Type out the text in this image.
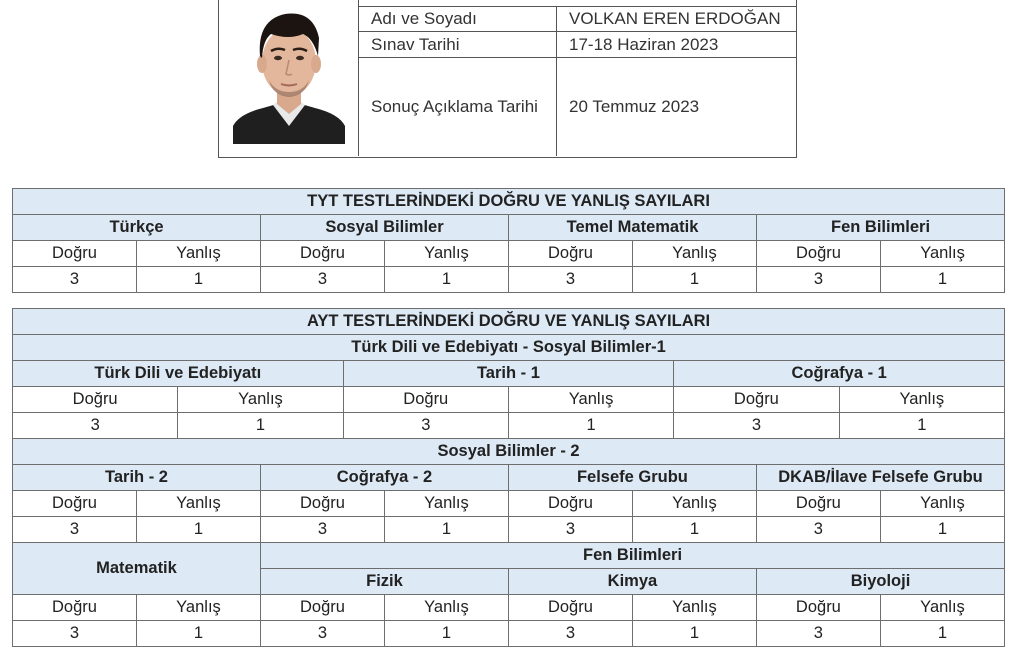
Adı ve Soyadı	VOLKAN EREN ERDOĞAN
Sınav Tarihi	17-18 Haziran 2023
Sonuç Açıklama Tarihi	20 Temmuz 2023
TYT TESTLERİNDEKİ DOĞRU VE YANLIŞ SAYILARI							
Türkçe		Sosyal Bilimler		Temel Matematik		Fen Bilimleri	
Doğru	Yanlış	Doğru	Yanlış	Doğru	Yanlış	Doğru	Yanlış
3	1	3	1	3	1	3	1
AYT TESTLERİNDEKİ DOĞRU VE YANLIŞ SAYILARI											
Türk Dili ve Edebiyatı - Sosyal Bilimler-1											
Türk Dili ve Edebiyatı				Tarih - 1				Coğrafya - 1			
Doğru		Yanlış		Doğru		Yanlış		Doğru		Yanlış	
3		1		3		1		3		1	
Sosyal Bilimler - 2											
Tarih - 2			Coğrafya - 2			Felsefe Grubu			DKAB/İlave Felsefe Grubu		
Doğru	Yanlış		Doğru		Yanlış	Doğru	Yanlış		Doğru		Yanlış
3	1		3		1	3	1		3		1
Matematik			Fen Bilimleri								
			Fizik			Kimya			Biyoloji		
Doğru	Yanlış		Doğru		Yanlış	Doğru	Yanlış		Doğru		Yanlış
3	1		3		1	3	1		3		1
